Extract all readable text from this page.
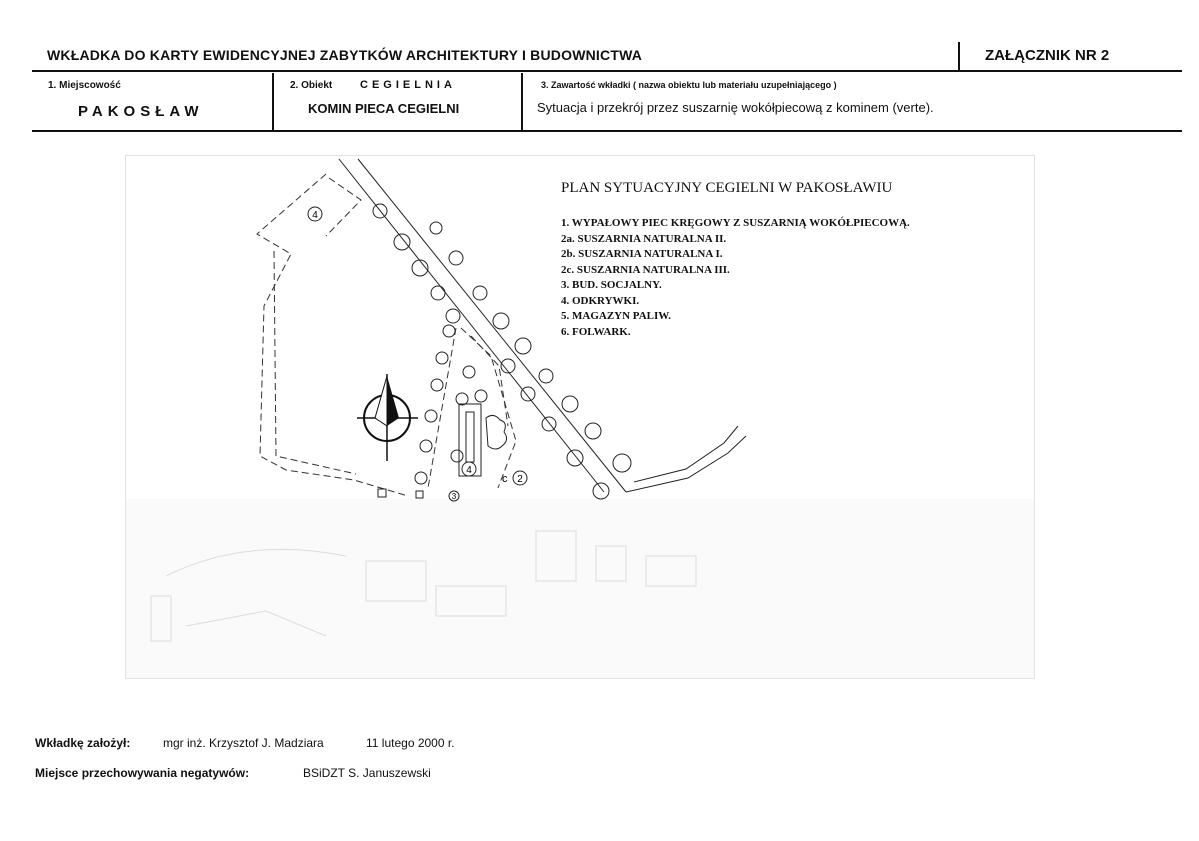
WKŁADKA DO KARTY EWIDENCYJNEJ ZABYTKÓW ARCHITEKTURY I BUDOWNICTWA	ZAŁĄCZNIK NR 2
1. Miejscowość
PAKOSŁAW
2. Obiekt	CEGIELNIA
KOMIN PIECA CEGIELNI
3. Zawartość wkładki ( nazwa obiektu lub materiału uzupełniającego )
Sytuacja i przekrój przez suszarnię wokółpiecową z kominem (verte).
4
4
2
c
3
PLAN SYTUACYJNY CEGIELNI W PAKOSŁAWIU
1. WYPAŁOWY PIEC KRĘGOWY Z SUSZARNIĄ WOKÓŁPIECOWĄ.
2a. SUSZARNIA NATURALNA II.
2b. SUSZARNIA NATURALNA I.
2c. SUSZARNIA NATURALNA III.
3. BUD. SOCJALNY.
4. ODKRYWKI.
5. MAGAZYN PALIW.
6. FOLWARK.
Wkładkę założył:	mgr inż. Krzysztof J. Madziara	11 lutego 2000 r.
Miejsce przechowywania negatywów:	BSiDZT S. Januszewski
